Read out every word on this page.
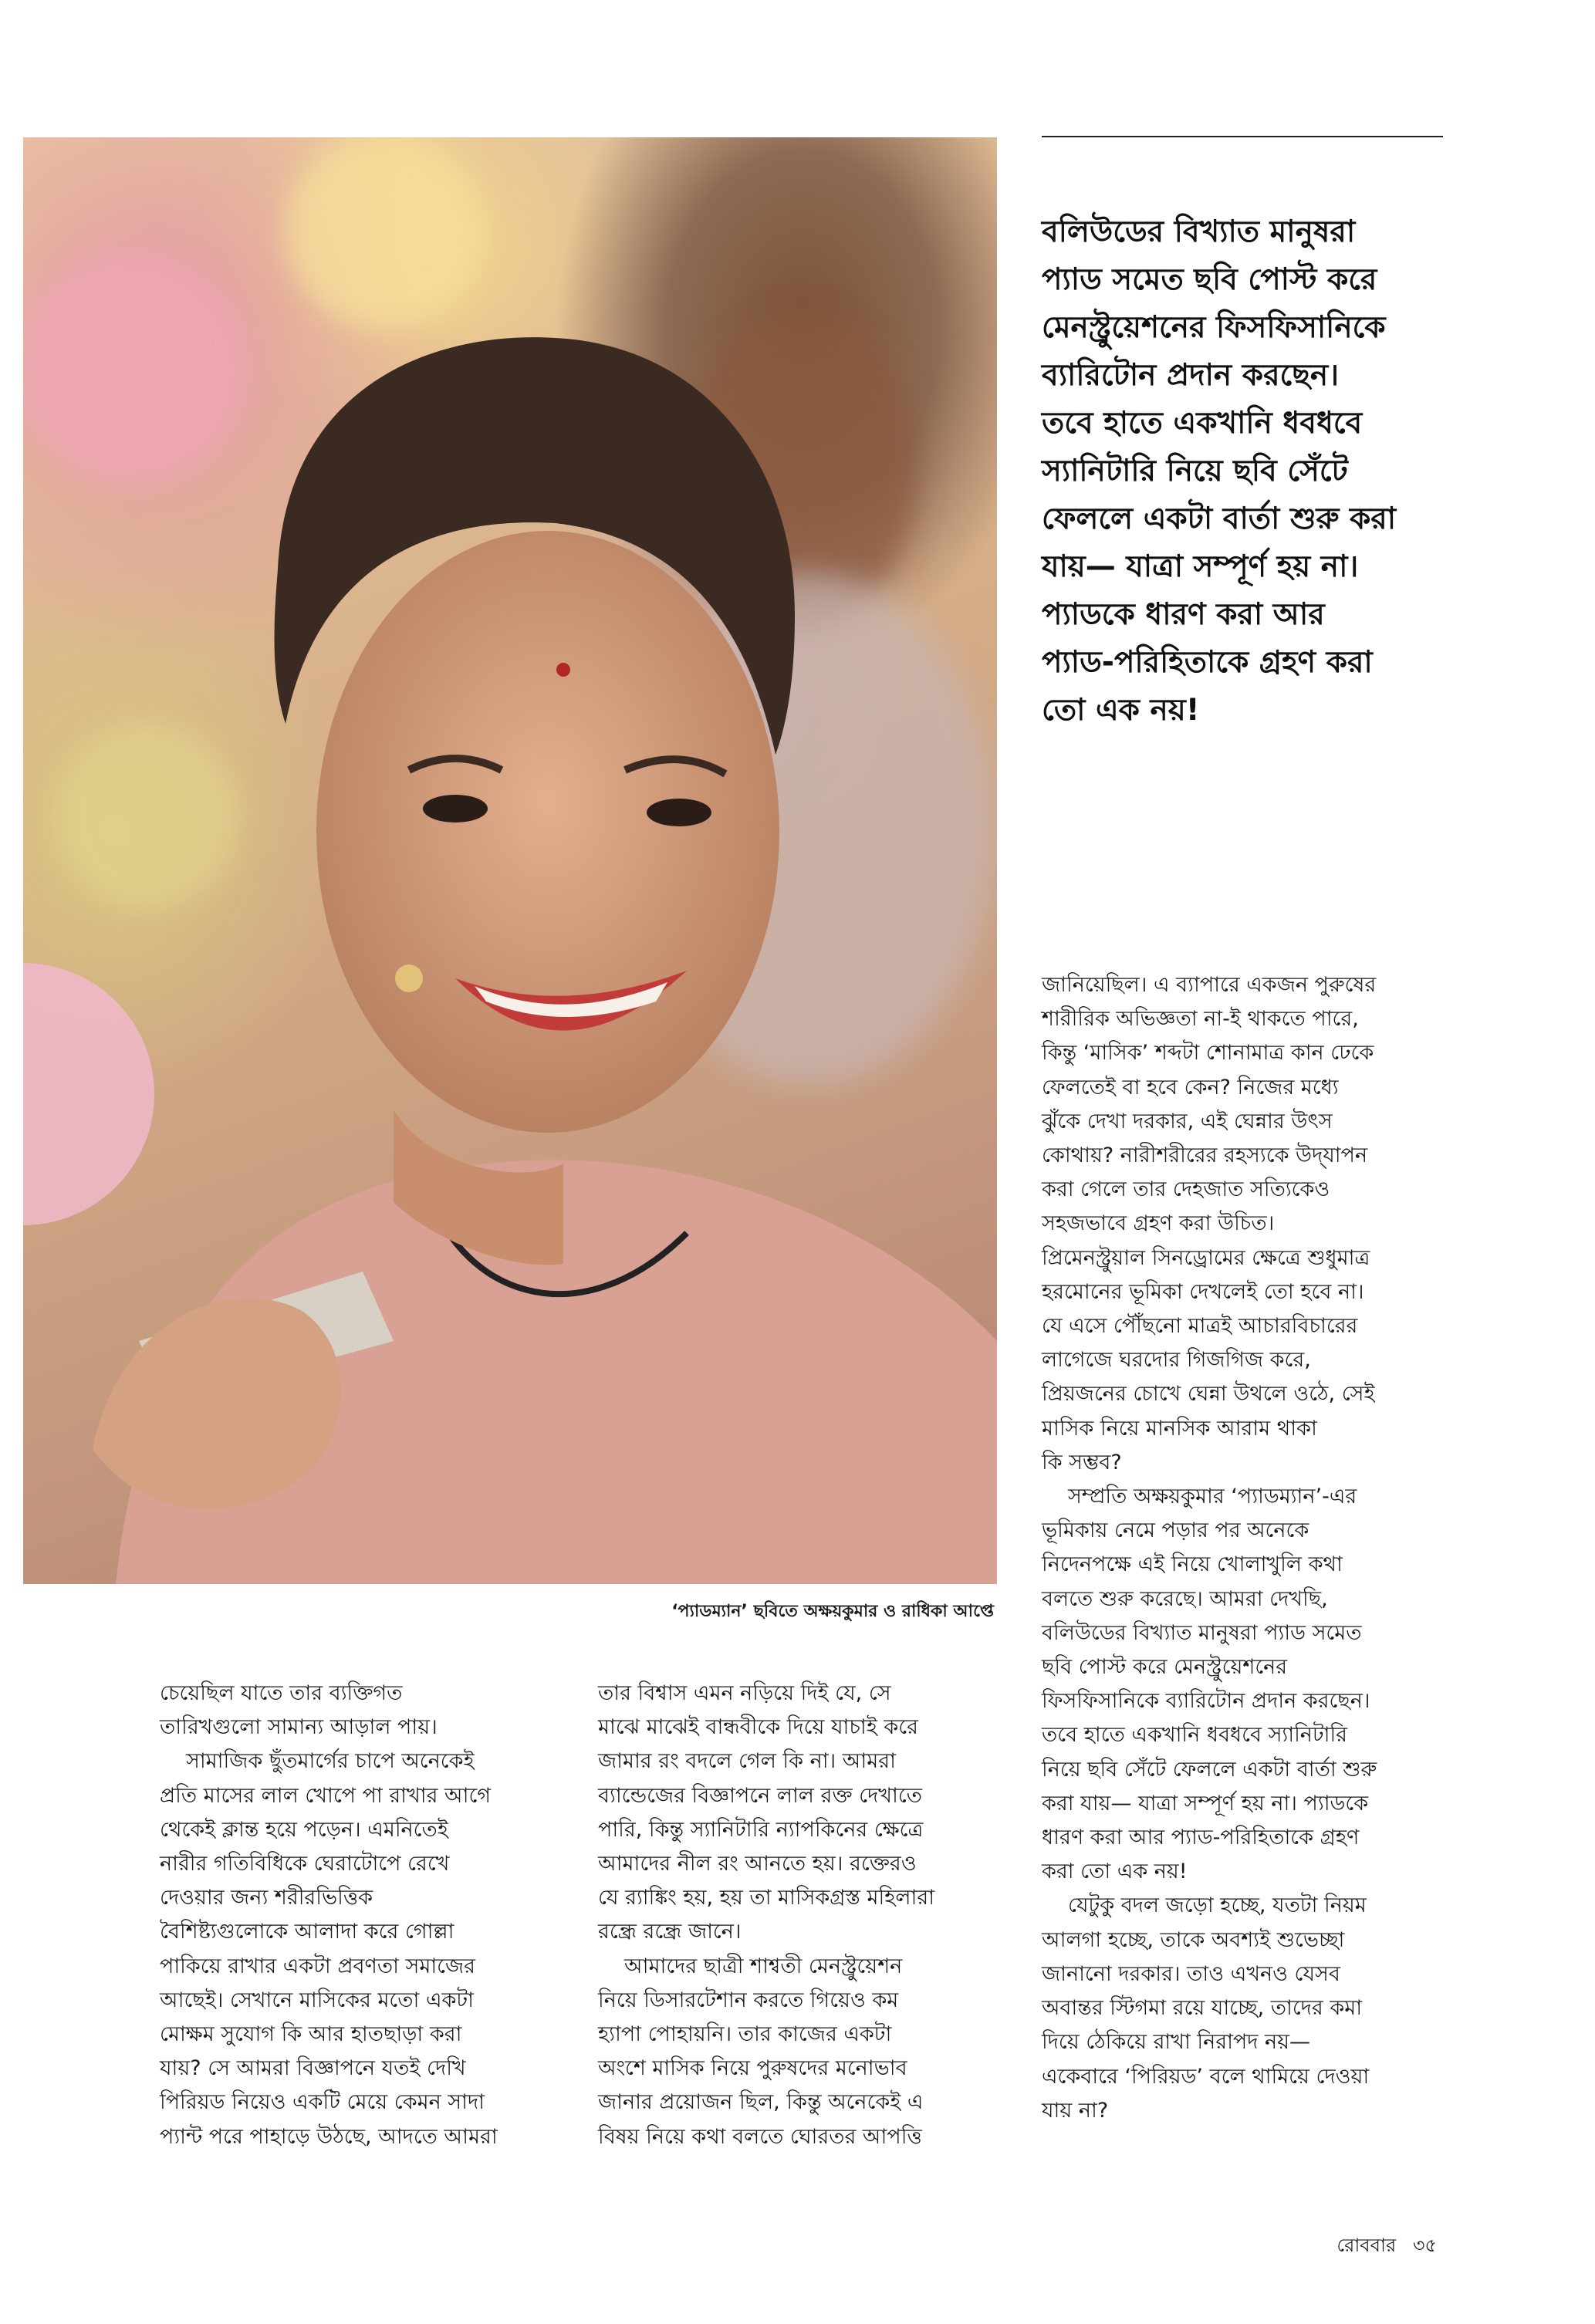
বলিউডের বিখ্যাত মানুষরা
প্যাড সমেত ছবি পোস্ট করে
মেনস্ট্রুয়েশনের ফিসফিসানিকে
ব্যারিটোন প্রদান করছেন।
তবে হাতে একখানি ধবধবে
স্যানিটারি নিয়ে ছবি সেঁটে
ফেললে একটা বার্তা শুরু করা
যায়— যাত্রা সম্পূর্ণ হয় না।
প্যাডকে ধারণ করা আর
প্যাড-পরিহিতাকে গ্রহণ করা
তো এক নয়!

‘প্যাডম্যান’ ছবিতে অক্ষয়কুমার ও রাধিকা আপ্তে

জানিয়েছিল। এ ব্যাপারে একজন পুরুষের
শারীরিক অভিজ্ঞতা না-ই থাকতে পারে,
কিন্তু ‘মাসিক’ শব্দটা শোনামাত্র কান ঢেকে
ফেলতেই বা হবে কেন? নিজের মধ্যে
ঝুঁকে দেখা দরকার, এই ঘেন্নার উৎস
কোথায়? নারীশরীরের রহস্যকে উদ্‌যাপন
করা গেলে তার দেহজাত সত্যিকেও
সহজভাবে গ্রহণ করা উচিত।
প্রিমেনস্ট্রুয়াল সিনড্রোমের ক্ষেত্রে শুধুমাত্র
হরমোনের ভূমিকা দেখলেই তো হবে না।
যে এসে পৌঁছনো মাত্রই আচারবিচারের
লাগেজে ঘরদোর গিজগিজ করে,
প্রিয়জনের চোখে ঘেন্না উথলে ওঠে, সেই
মাসিক নিয়ে মানসিক আরাম থাকা
কি সম্ভব?
সম্প্রতি অক্ষয়কুমার ‘প্যাডম্যান’-এর
ভূমিকায় নেমে পড়ার পর অনেকে
নিদেনপক্ষে এই নিয়ে খোলাখুলি কথা
বলতে শুরু করেছে। আমরা দেখছি,
বলিউডের বিখ্যাত মানুষরা প্যাড সমেত
ছবি পোস্ট করে মেনস্ট্রুয়েশনের
ফিসফিসানিকে ব্যারিটোন প্রদান করছেন।
তবে হাতে একখানি ধবধবে স্যানিটারি
নিয়ে ছবি সেঁটে ফেললে একটা বার্তা শুরু
করা যায়— যাত্রা সম্পূর্ণ হয় না। প্যাডকে
ধারণ করা আর প্যাড-পরিহিতাকে গ্রহণ
করা তো এক নয়!
যেটুকু বদল জড়ো হচ্ছে, যতটা নিয়ম
আলগা হচ্ছে, তাকে অবশ্যই শুভেচ্ছা
জানানো দরকার। তাও এখনও যেসব
অবান্তর স্টিগমা রয়ে যাচ্ছে, তাদের কমা
দিয়ে ঠেকিয়ে রাখা নিরাপদ নয়—
একেবারে ‘পিরিয়ড’ বলে থামিয়ে দেওয়া
যায় না?
তার বিশ্বাস এমন নড়িয়ে দিই যে, সে
মাঝে মাঝেই বান্ধবীকে দিয়ে যাচাই করে
জামার রং বদলে গেল কি না। আমরা
ব্যান্ডেজের বিজ্ঞাপনে লাল রক্ত দেখাতে
পারি, কিন্তু স্যানিটারি ন্যাপকিনের ক্ষেত্রে
আমাদের নীল রং আনতে হয়। রক্তেরও
যে র‍্যাঙ্কিং হয়, হয় তা মাসিকগ্রস্ত মহিলারা
রন্ধ্রে রন্ধ্রে জানে।
আমাদের ছাত্রী শাশ্বতী মেনস্ট্রুয়েশন
নিয়ে ডিসারটেশান করতে গিয়েও কম
হ্যাপা পোহায়নি। তার কাজের একটা
অংশে মাসিক নিয়ে পুরুষদের মনোভাব
জানার প্রয়োজন ছিল, কিন্তু অনেকেই এ
বিষয় নিয়ে কথা বলতে ঘোরতর আপত্তি
চেয়েছিল যাতে তার ব্যক্তিগত
তারিখগুলো সামান্য আড়াল পায়।
সামাজিক ছুঁতমার্গের চাপে অনেকেই
প্রতি মাসের লাল খোপে পা রাখার আগে
থেকেই ক্লান্ত হয়ে পড়েন। এমনিতেই
নারীর গতিবিধিকে ঘেরাটোপে রেখে
দেওয়ার জন্য শরীরভিত্তিক
বৈশিষ্ট্যগুলোকে আলাদা করে গোল্লা
পাকিয়ে রাখার একটা প্রবণতা সমাজের
আছেই। সেখানে মাসিকের মতো একটা
মোক্ষম সুযোগ কি আর হাতছাড়া করা
যায়? সে আমরা বিজ্ঞাপনে যতই দেখি
পিরিয়ড নিয়েও একটি মেয়ে কেমন সাদা
প্যান্ট পরে পাহাড়ে উঠছে, আদতে আমরা
রোববার ৩৫
